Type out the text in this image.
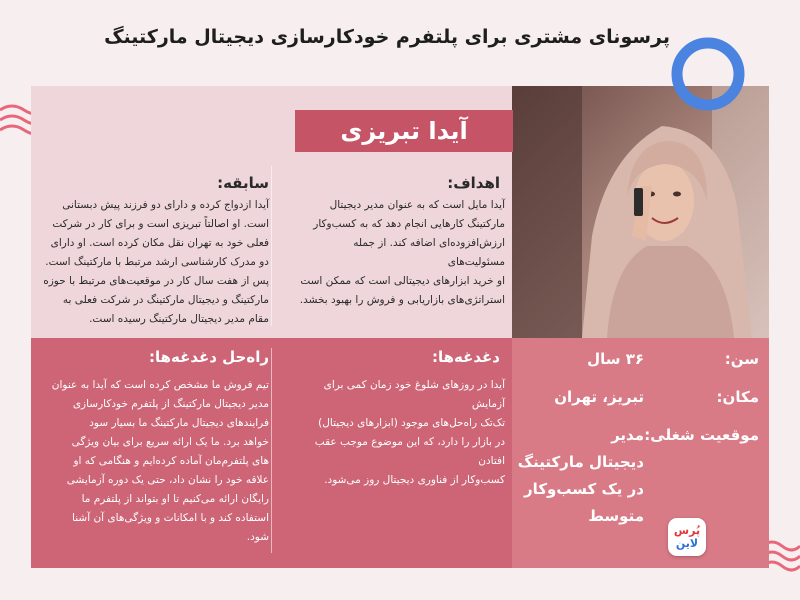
پرسونای مشتری برای پلتفرم خودکارسازی دیجیتال مارکتینگ
آیدا تبریزی
اهداف:
آیدا مایل است که به عنوان مدیر دیجیتال
مارکتینگ کارهایی انجام دهد که به کسب‌وکار
ارزش‌افزوده‌ای اضافه کند. از جمله مسئولیت‌های
او خرید ابزارهای دیجیتالی است که ممکن است
استراتژی‌های بازاریابی و فروش را بهبود بخشد.
سابقه:
آیدا ازدواج کرده و دارای دو فرزند پیش دبستانی
است. او اصالتاً تبریزی است و برای کار در شرکت
فعلی خود به تهران نقل مکان کرده است. او دارای
دو مدرک کارشناسی ارشد مرتبط با مارکتینگ است.
پس از هفت سال کار در موقعیت‌های مرتبط با حوزه
مارکتینگ و دیجیتال مارکتینگ در شرکت فعلی به
مقام مدیر دیجیتال مارکتینگ رسیده است.
دغدغه‌ها:
آیدا در روزهای شلوغ خود زمان کمی برای آزمایش
تک‌تک راه‌حل‌های موجود (ابزارهای دیجیتال)
در بازار را دارد، که این موضوع موجب عقب افتادن
کسب‌وکار از فناوری دیجیتال روز می‌شود.
راه‌حل دغدغه‌ها:
تیم فروش ما مشخص کرده است که آیدا به عنوان
مدیر دیجیتال مارکتینگ از پلتفرم خودکارسازی
فرایندهای دیجیتال مارکتینگ ما بسیار سود
خواهد برد. ما یک ارائه سریع برای بیان ویژگی
های پلتفرم‌مان آماده کرده‌ایم و هنگامی که او
علاقه خود را نشان داد، حتی یک دوره آزمایشی
رایگان ارائه می‌کنیم تا او بتواند از پلتفرم ما
استفاده کند و با امکانات و ویژگی‌های آن آشنا
شود.
سن:
۳۶ سال
مکان:
تبریز، تهران
موقعیت شغلی:
مدیر
دیجیتال مارکتینگ
در یک کسب‌وکار
متوسط
پُرس
لاین
